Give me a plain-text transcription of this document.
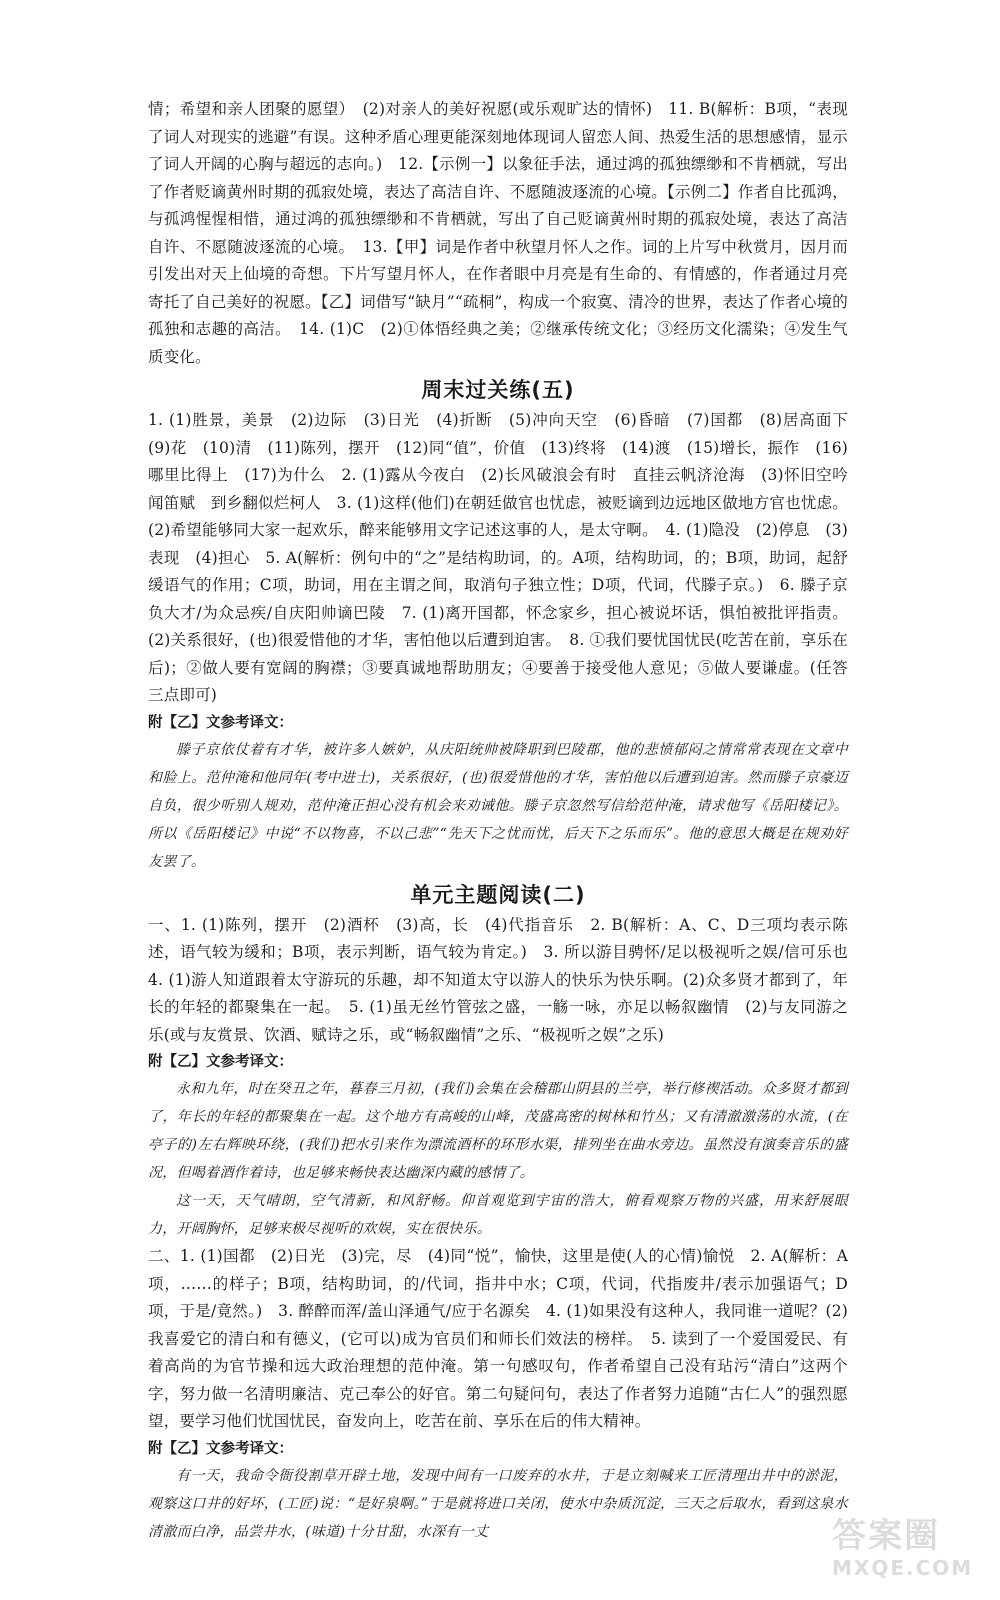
情；希望和亲人团聚的愿望）　(2)对亲人的美好祝愿(或乐观旷达的情怀)　11. B(解析：B项，“表现了词人对现实的逃避”有误。这种矛盾心理更能深刻地体现词人留恋人间、热爱生活的思想感情，显示了词人开阔的心胸与超远的志向。)　12.【示例一】以象征手法，通过鸿的孤独缥缈和不肯栖就，写出了作者贬谪黄州时期的孤寂处境，表达了高洁自许、不愿随波逐流的心境。【示例二】作者自比孤鸿，与孤鸿惺惺相惜，通过鸿的孤独缥缈和不肯栖就，写出了自己贬谪黄州时期的孤寂处境，表达了高洁自许、不愿随波逐流的心境。　13.【甲】词是作者中秋望月怀人之作。词的上片写中秋赏月，因月而引发出对天上仙境的奇想。下片写望月怀人，在作者眼中月亮是有生命的、有情感的，作者通过月亮寄托了自己美好的祝愿。【乙】词借写“缺月”“疏桐”，构成一个寂寞、清冷的世界，表达了作者心境的孤独和志趣的高洁。　14. (1)C　(2)①体悟经典之美；②继承传统文化；③经历文化濡染；④发生气质变化。

周末过关练(五)

1. (1)胜景，美景　(2)边际　(3)日光　(4)折断　(5)冲向天空　(6)昏暗　(7)国都　(8)居高面下　(9)花　(10)清　(11)陈列，摆开　(12)同“值”，价值　(13)终将　(14)渡　(15)增长，振作　(16)哪里比得上　(17)为什么　2. (1)露从今夜白　(2)长风破浪会有时　直挂云帆济沧海　(3)怀旧空吟闻笛赋　到乡翻似烂柯人　3. (1)这样(他们)在朝廷做官也忧虑，被贬谪到边远地区做地方官也忧虑。(2)希望能够同大家一起欢乐，醉来能够用文字记述这事的人，是太守啊。　4. (1)隐没　(2)停息　(3)表现　(4)担心　5. A(解析：例句中的“之”是结构助词，的。A项，结构助词，的；B项，助词，起舒缓语气的作用；C项，助词，用在主谓之间，取消句子独立性；D项，代词，代滕子京。)　6. 滕子京负大才/为众忌疾/自庆阳帅谪巴陵　7. (1)离开国都，怀念家乡，担心被说坏话，惧怕被批评指责。(2)关系很好，(也)很爱惜他的才华，害怕他以后遭到迫害。　8. ①我们要忧国忧民(吃苦在前，享乐在后)；②做人要有宽阔的胸襟；③要真诚地帮助朋友；④要善于接受他人意见；⑤做人要谦虚。(任答三点即可)

附【乙】文参考译文：

滕子京依仗着有才华，被许多人嫉妒，从庆阳统帅被降职到巴陵郡，他的悲愤郁闷之情常常表现在文章中和脸上。范仲淹和他同年(考中进士)，关系很好，(也)很爱惜他的才华，害怕他以后遭到迫害。然而滕子京豪迈自负，很少听别人规劝，范仲淹正担心没有机会来劝诫他。滕子京忽然写信给范仲淹，请求他写《岳阳楼记》。所以《岳阳楼记》中说“不以物喜，不以己悲”“先天下之忧而忧，后天下之乐而乐”。他的意思大概是在规劝好友罢了。

单元主题阅读(二)

一、1. (1)陈列，摆开　(2)酒杯　(3)高，长　(4)代指音乐　2. B(解析：A、C、D三项均表示陈述，语气较为缓和；B项，表示判断，语气较为肯定。)　3. 所以游目骋怀/足以极视听之娱/信可乐也　4. (1)游人知道跟着太守游玩的乐趣，却不知道太守以游人的快乐为快乐啊。(2)众多贤才都到了，年长的年轻的都聚集在一起。　5. (1)虽无丝竹管弦之盛，一觞一咏，亦足以畅叙幽情　(2)与友同游之乐(或与友赏景、饮酒、赋诗之乐，或“畅叙幽情”之乐、“极视听之娱”之乐)

附【乙】文参考译文：

永和九年，时在癸丑之年，暮春三月初，(我们)会集在会稽郡山阴县的兰亭，举行修禊活动。众多贤才都到了，年长的年轻的都聚集在一起。这个地方有高峻的山峰，茂盛高密的树林和竹丛；又有清澈激荡的水流，(在亭子的)左右辉映环绕，(我们)把水引来作为漂流酒杯的环形水渠，排列坐在曲水旁边。虽然没有演奏音乐的盛况，但喝着酒作着诗，也足够来畅快表达幽深内藏的感情了。

这一天，天气晴朗，空气清新，和风舒畅。仰首观览到宇宙的浩大，俯看观察万物的兴盛，用来舒展眼力，开阔胸怀，足够来极尽视听的欢娱，实在很快乐。

二、1. (1)国都　(2)日光　(3)完，尽　(4)同“悦”，愉快，这里是使(人的心情)愉悦　2. A(解析：A项，……的样子；B项，结构助词，的/代词，指井中水；C项，代词，代指废井/表示加强语气；D项，于是/竟然。)　3. 醉醉而浑/盖山泽通气/应于名源矣　4. (1)如果没有这种人，我同谁一道呢？(2)我喜爱它的清白和有德义，(它可以)成为官员们和师长们效法的榜样。　5. 读到了一个爱国爱民、有着高尚的为官节操和远大政治理想的范仲淹。第一句感叹句，作者希望自己没有玷污“清白”这两个字，努力做一名清明廉洁、克己奉公的好官。第二句疑问句，表达了作者努力追随“古仁人”的强烈愿望，要学习他们忧国忧民，奋发向上，吃苦在前、享乐在后的伟大精神。

附【乙】文参考译文：

有一天，我命令衙役割草开辟土地，发现中间有一口废弃的水井，于是立刻喊来工匠清理出井中的淤泥，观察这口井的好坏，(工匠)说：“是好泉啊。”于是就将进口关闭，使水中杂质沉淀，三天之后取水，看到这泉水清澈而白净，品尝井水，(味道)十分甘甜，水深有一丈	答案圈
MXQE.COM
